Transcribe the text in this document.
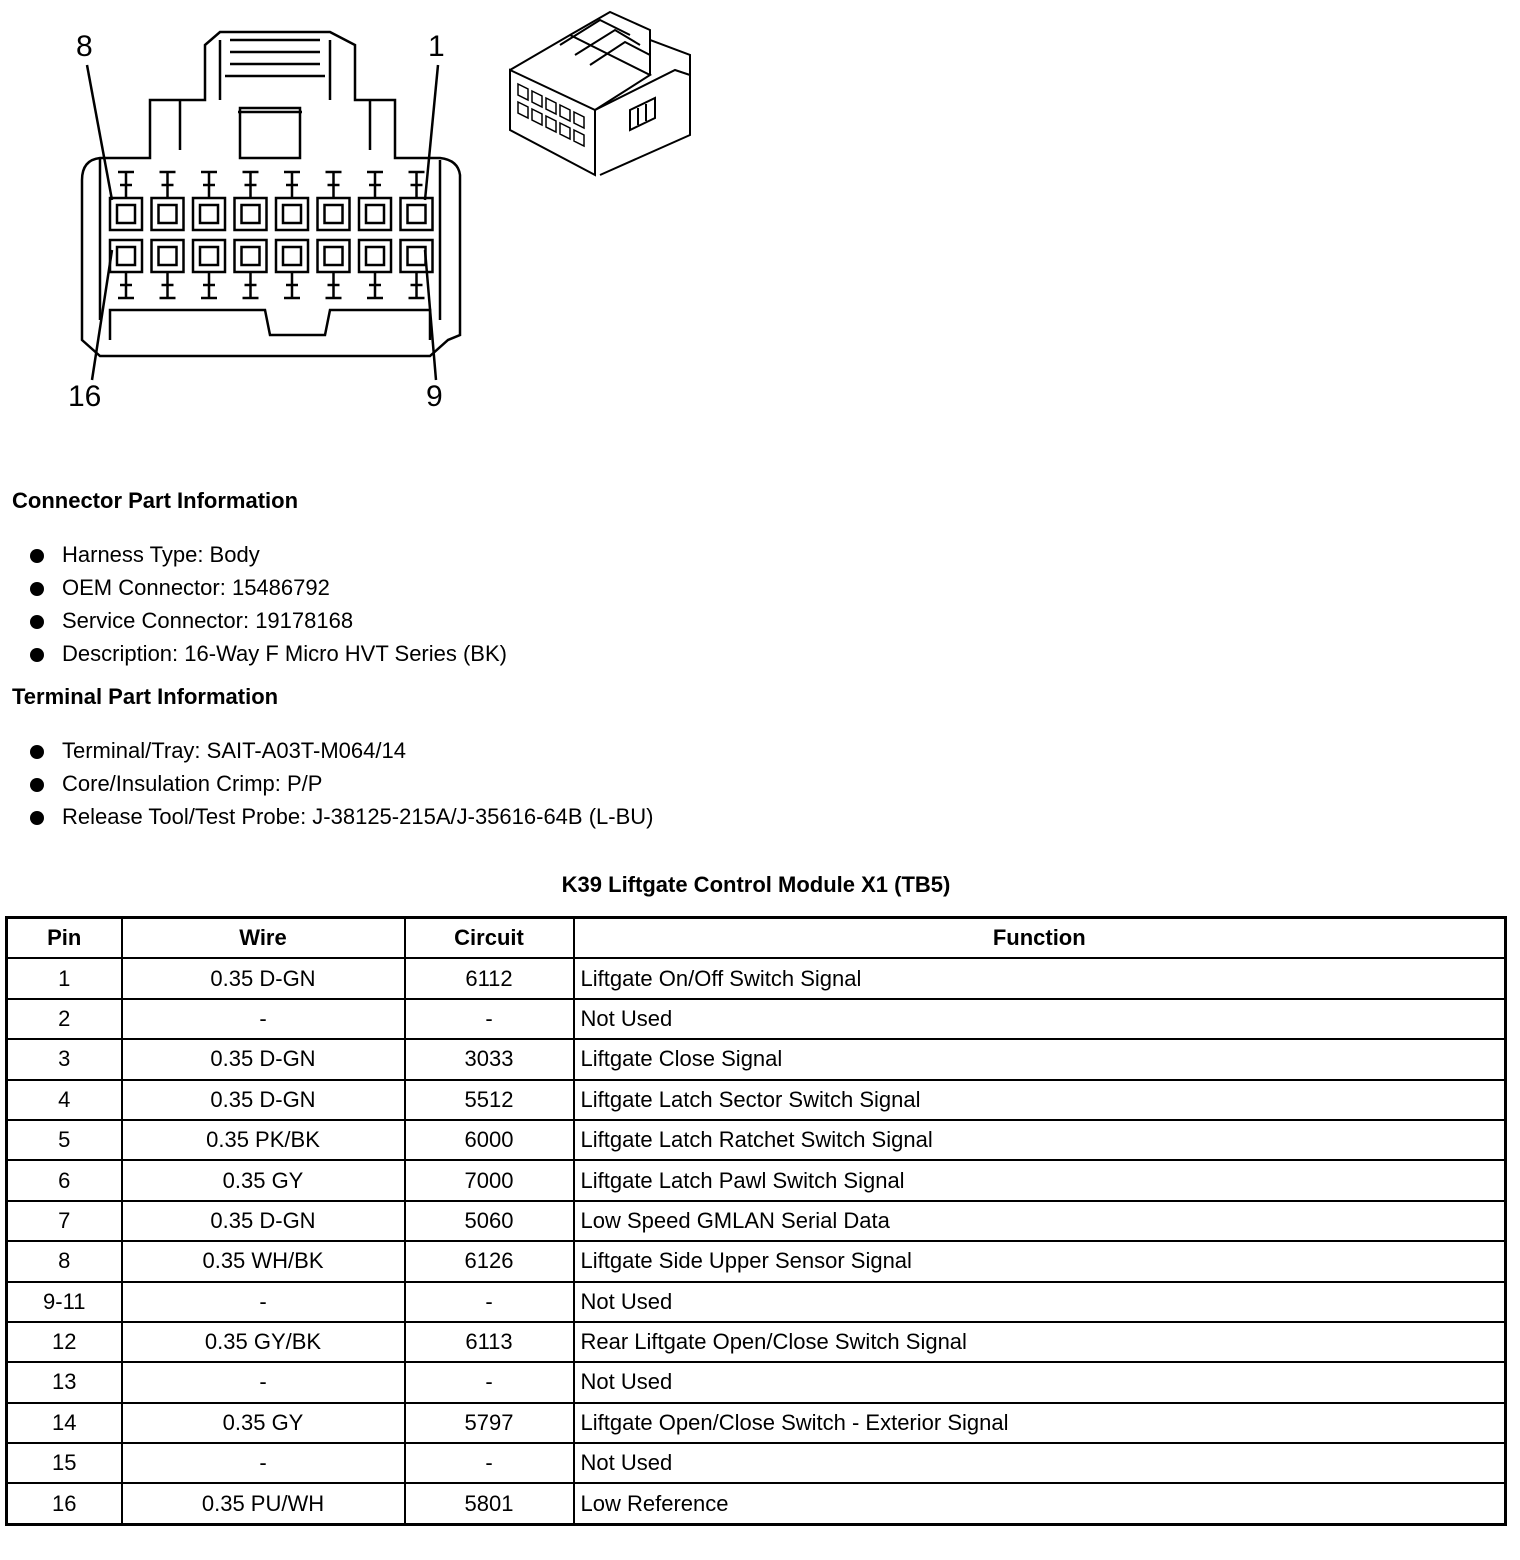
8	1
16	9
Connector Part Information
Harness Type: Body
OEM Connector: 15486792
Service Connector: 19178168
Description: 16-Way F Micro HVT Series (BK)
Terminal Part Information
Terminal/Tray: SAIT-A03T-M064/14
Core/Insulation Crimp: P/P
Release Tool/Test Probe: J-38125-215A/J-35616-64B (L-BU)
K39 Liftgate Control Module X1 (TB5)
Pin	Wire	Circuit	Function
1	0.35 D-GN	6112	Liftgate On/Off Switch Signal
2	-	-	Not Used
3	0.35 D-GN	3033	Liftgate Close Signal
4	0.35 D-GN	5512	Liftgate Latch Sector Switch Signal
5	0.35 PK/BK	6000	Liftgate Latch Ratchet Switch Signal
6	0.35 GY	7000	Liftgate Latch Pawl Switch Signal
7	0.35 D-GN	5060	Low Speed GMLAN Serial Data
8	0.35 WH/BK	6126	Liftgate Side Upper Sensor Signal
9-11	-	-	Not Used
12	0.35 GY/BK	6113	Rear Liftgate Open/Close Switch Signal
13	-	-	Not Used
14	0.35 GY	5797	Liftgate Open/Close Switch - Exterior Signal
15	-	-	Not Used
16	0.35 PU/WH	5801	Low Reference
